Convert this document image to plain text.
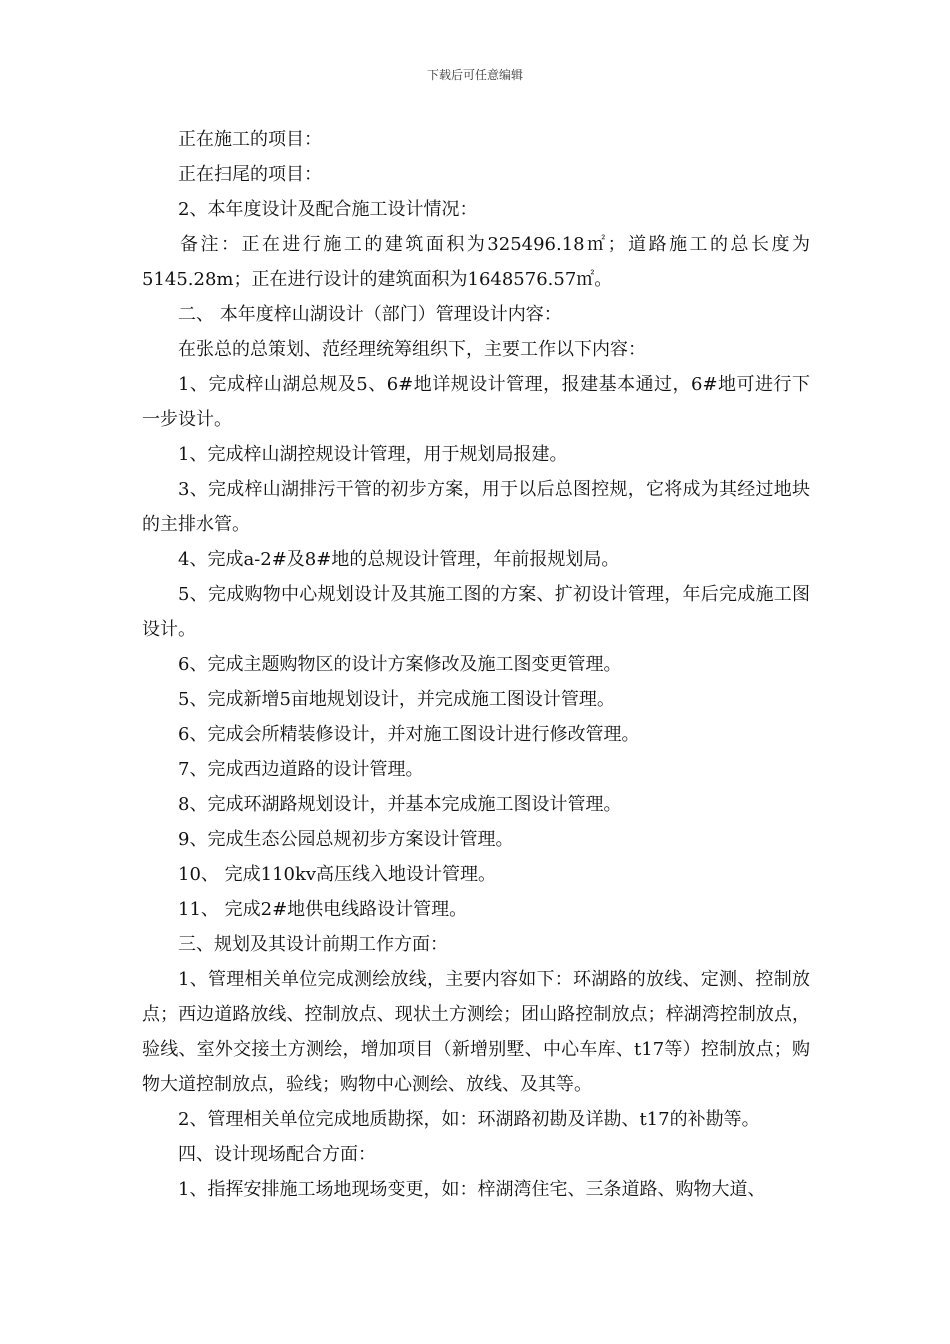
下载后可任意编辑

正在施工的项目：

正在扫尾的项目：

2、本年度设计及配合施工设计情况：

备注：正在进行施工的建筑面积为325496.18㎡；道路施工的总长度为5145.28m；正在进行设计的建筑面积为1648576.57㎡。

二、 本年度梓山湖设计（部门）管理设计内容：

在张总的总策划、范经理统筹组织下，主要工作以下内容：

1、完成梓山湖总规及5、6#地详规设计管理，报建基本通过，6#地可进行下一步设计。

1、完成梓山湖控规设计管理，用于规划局报建。

3、完成梓山湖排污干管的初步方案，用于以后总图控规，它将成为其经过地块的主排水管。

4、完成a-2#及8#地的总规设计管理，年前报规划局。

5、完成购物中心规划设计及其施工图的方案、扩初设计管理，年后完成施工图设计。

6、完成主题购物区的设计方案修改及施工图变更管理。

5、完成新增5亩地规划设计，并完成施工图设计管理。

6、完成会所精装修设计，并对施工图设计进行修改管理。

7、完成西边道路的设计管理。

8、完成环湖路规划设计，并基本完成施工图设计管理。

9、完成生态公园总规初步方案设计管理。

10、 完成110kv高压线入地设计管理。

11、 完成2#地供电线路设计管理。

三、规划及其设计前期工作方面：

1、管理相关单位完成测绘放线，主要内容如下：环湖路的放线、定测、控制放点；西边道路放线、控制放点、现状土方测绘；团山路控制放点；梓湖湾控制放点，验线、室外交接土方测绘，增加项目（新增别墅、中心车库、t17等）控制放点；购物大道控制放点，验线；购物中心测绘、放线、及其等。

2、管理相关单位完成地质勘探，如：环湖路初勘及详勘、t17的补勘等。

四、设计现场配合方面：

1、指挥安排施工场地现场变更，如：梓湖湾住宅、三条道路、购物大道、
